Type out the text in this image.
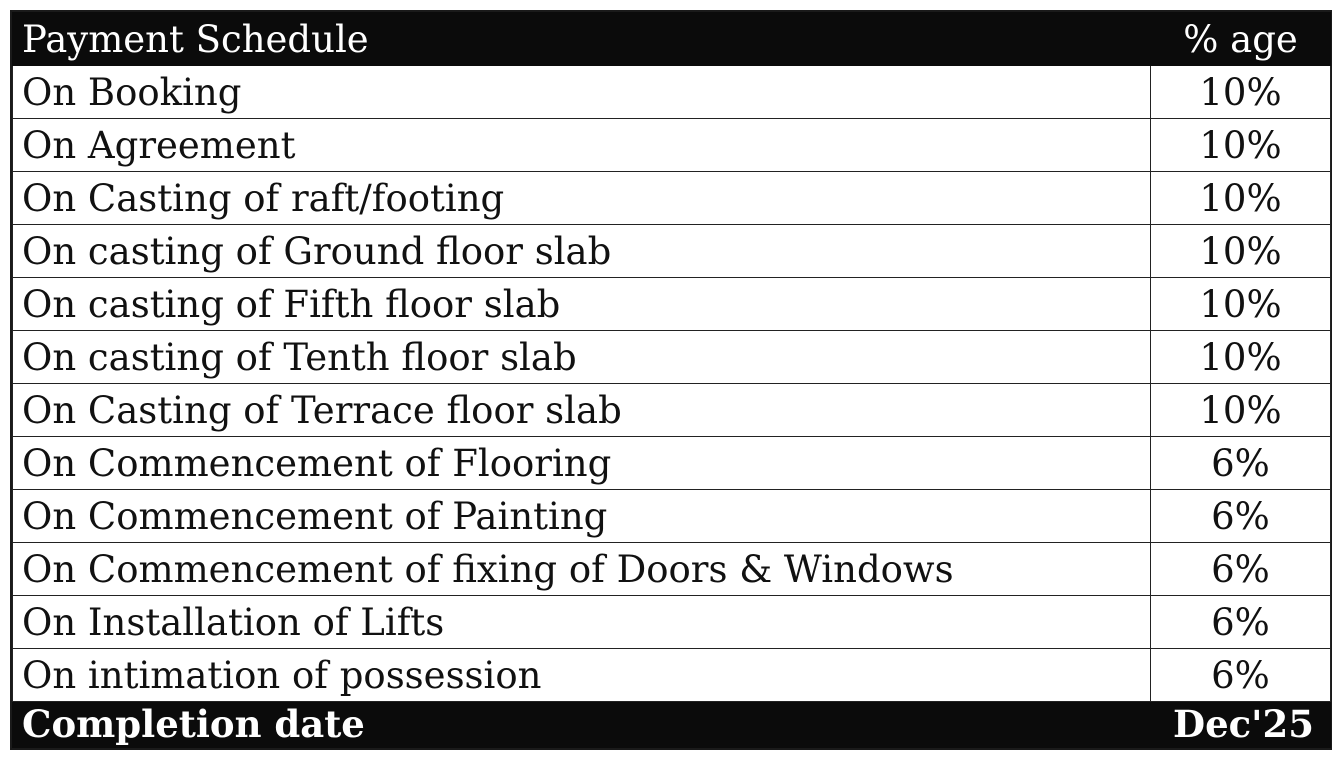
Payment Schedule	% age
On Booking	10%
On Agreement	10%
On Casting of raft/footing	10%
On casting of Ground floor slab	10%
On casting of Fifth floor slab	10%
On casting of Tenth floor slab	10%
On Casting of Terrace floor slab	10%
On Commencement of Flooring	6%
On Commencement of Painting	6%
On Commencement of fixing of Doors & Windows	6%
On Installation of Lifts	6%
On intimation of possession	6%
Completion date	Dec'25
